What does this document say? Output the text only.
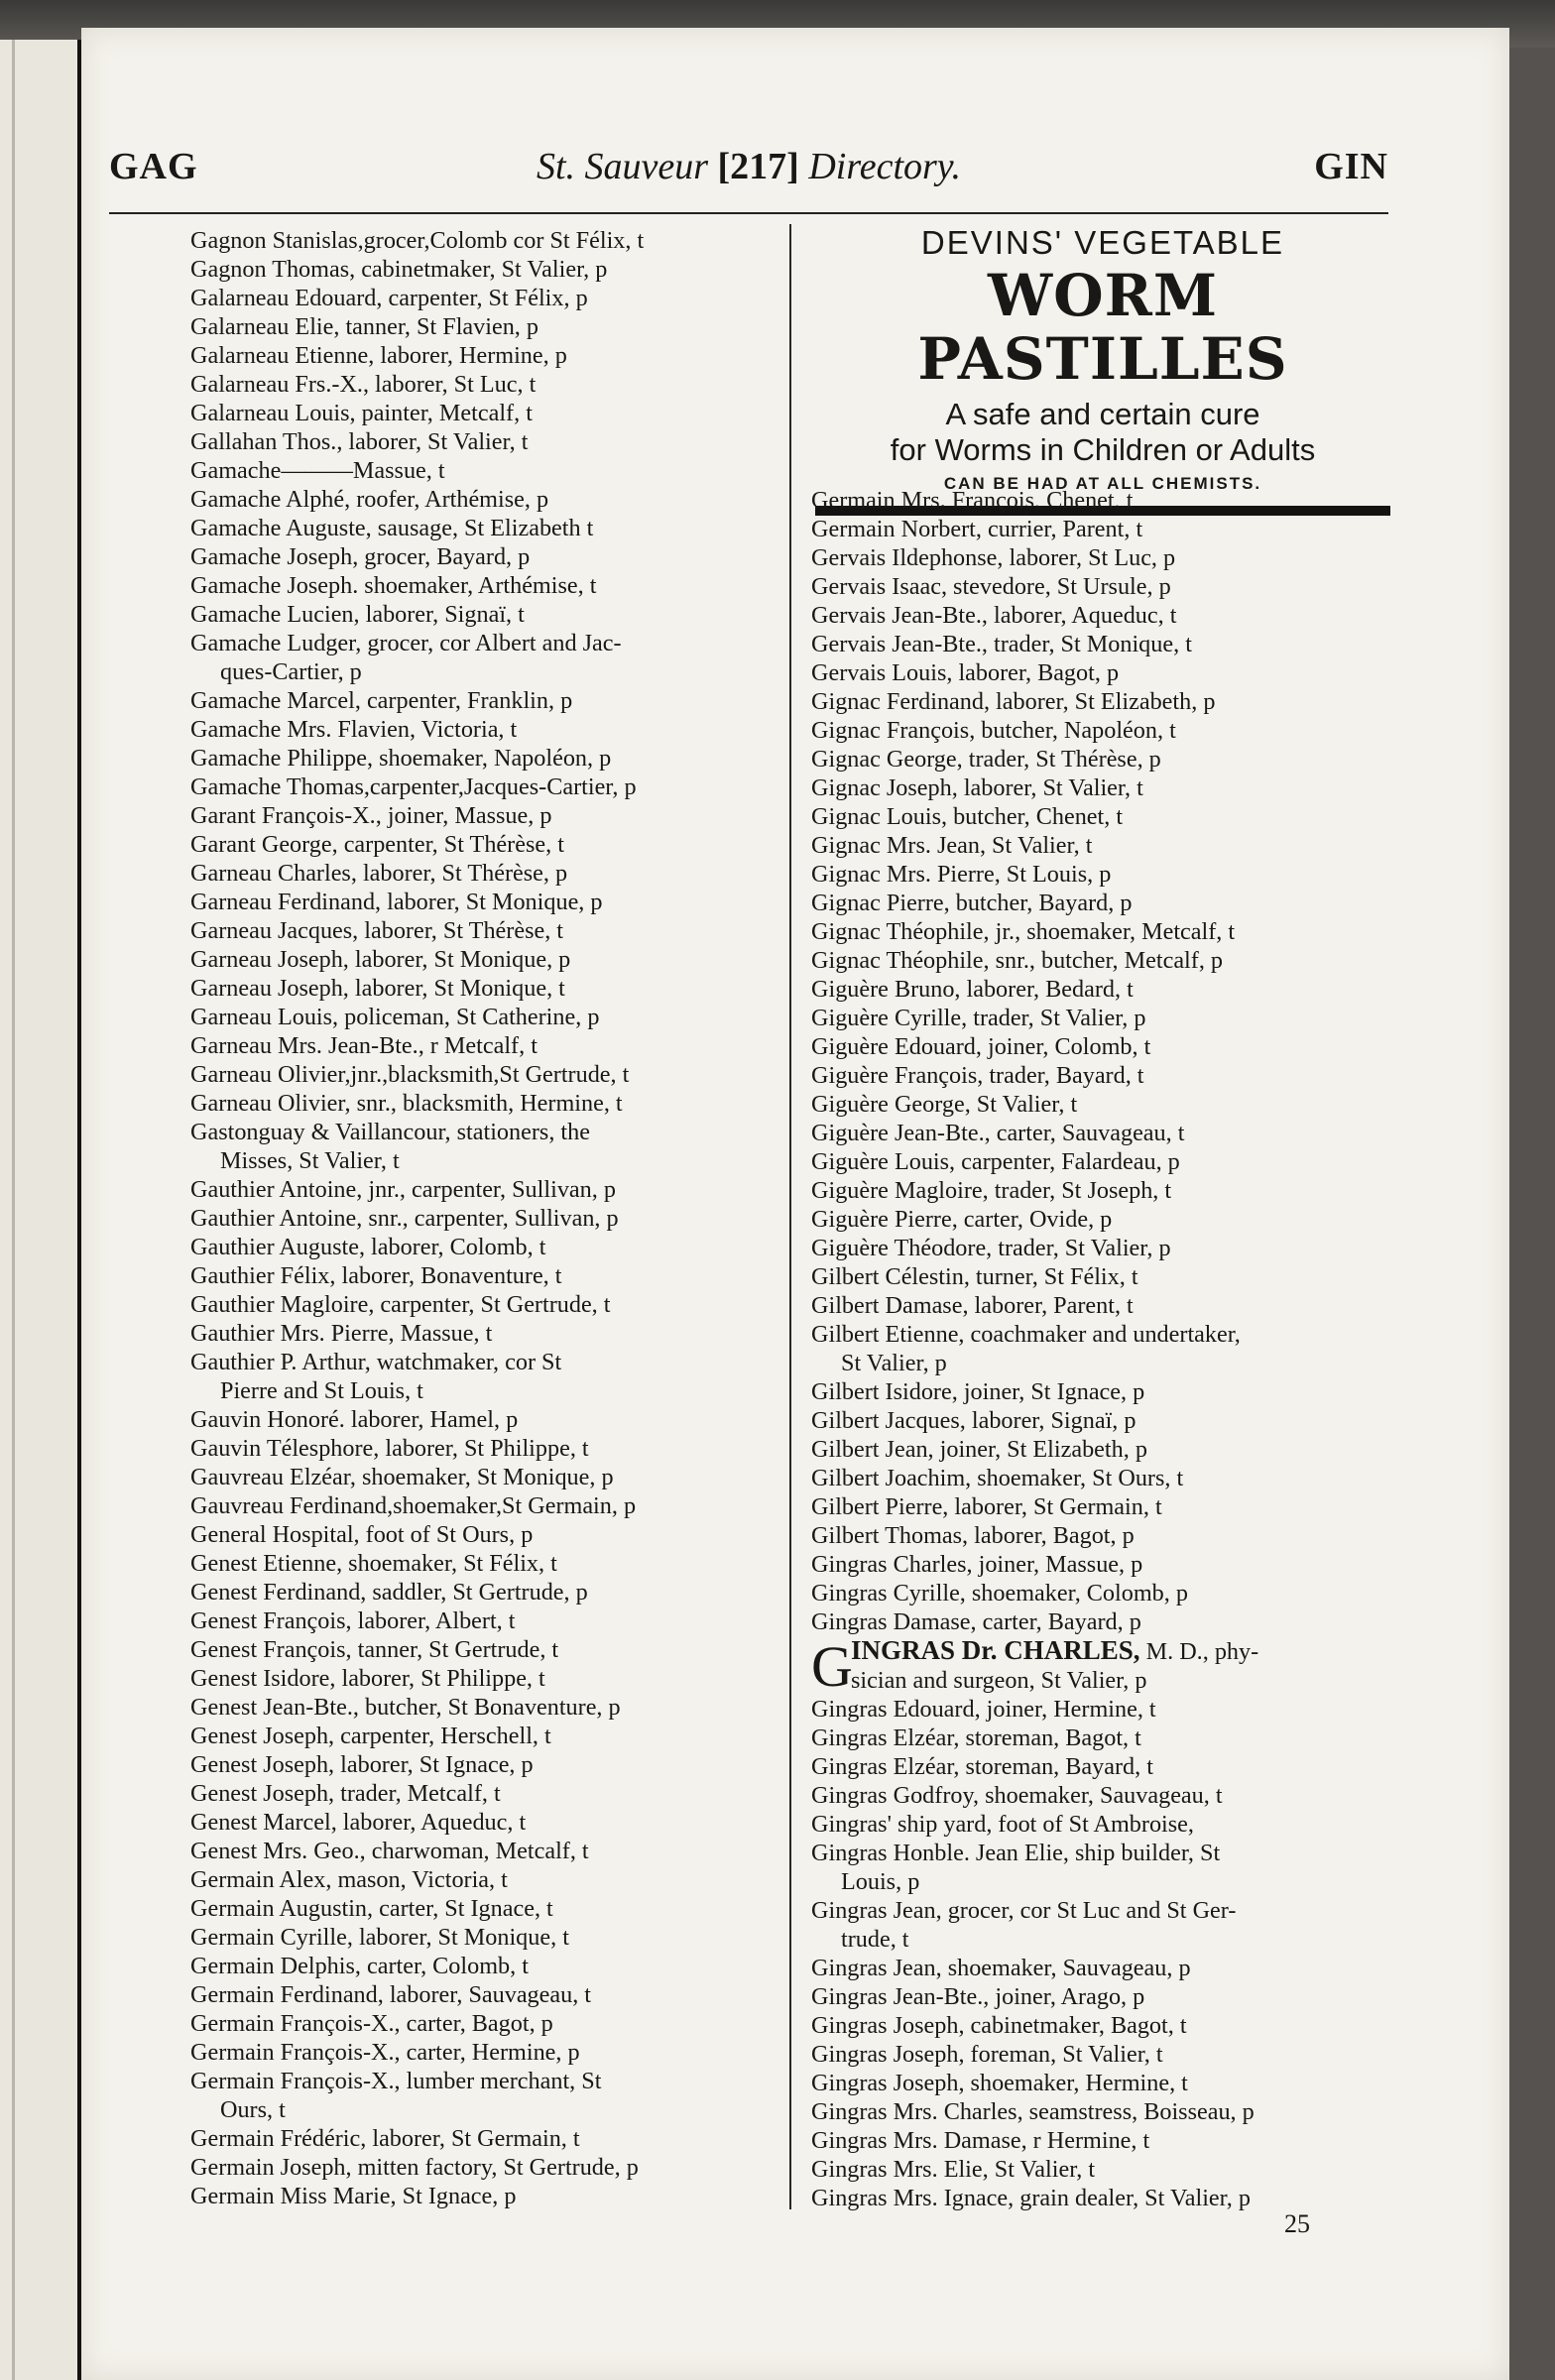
GAG	St. Sauveur [217] Directory.	GIN
Gagnon Stanislas,grocer,Colomb cor St Félix, t
Gagnon Thomas, cabinetmaker, St Valier, p
Galarneau Edouard, carpenter, St Félix, p
Galarneau Elie, tanner, St Flavien, p
Galarneau Etienne, laborer, Hermine, p
Galarneau Frs.-X., laborer, St Luc, t
Galarneau Louis, painter, Metcalf, t
Gallahan Thos., laborer, St Valier, t
Gamache———Massue, t
Gamache Alphé, roofer, Arthémise, p
Gamache Auguste, sausage, St Elizabeth t
Gamache Joseph, grocer, Bayard, p
Gamache Joseph. shoemaker, Arthémise, t
Gamache Lucien, laborer, Signaï, t
Gamache Ludger, grocer, cor Albert and Jac-
ques-Cartier, p
Gamache Marcel, carpenter, Franklin, p
Gamache Mrs. Flavien, Victoria, t
Gamache Philippe, shoemaker, Napoléon, p
Gamache Thomas,carpenter,Jacques-Cartier, p
Garant François-X., joiner, Massue, p
Garant George, carpenter, St Thérèse, t
Garneau Charles, laborer, St Thérèse, p
Garneau Ferdinand, laborer, St Monique, p
Garneau Jacques, laborer, St Thérèse, t
Garneau Joseph, laborer, St Monique, p
Garneau Joseph, laborer, St Monique, t
Garneau Louis, policeman, St Catherine, p
Garneau Mrs. Jean-Bte., r Metcalf, t
Garneau Olivier,jnr.,blacksmith,St Gertrude, t
Garneau Olivier, snr., blacksmith, Hermine, t
Gastonguay & Vaillancour, stationers, the
Misses, St Valier, t
Gauthier Antoine, jnr., carpenter, Sullivan, p
Gauthier Antoine, snr., carpenter, Sullivan, p
Gauthier Auguste, laborer, Colomb, t
Gauthier Félix, laborer, Bonaventure, t
Gauthier Magloire, carpenter, St Gertrude, t
Gauthier Mrs. Pierre, Massue, t
Gauthier P. Arthur, watchmaker, cor St
Pierre and St Louis, t
Gauvin Honoré. laborer, Hamel, p
Gauvin Télesphore, laborer, St Philippe, t
Gauvreau Elzéar, shoemaker, St Monique, p
Gauvreau Ferdinand,shoemaker,St Germain, p
General Hospital, foot of St Ours, p
Genest Etienne, shoemaker, St Félix, t
Genest Ferdinand, saddler, St Gertrude, p
Genest François, laborer, Albert, t
Genest François, tanner, St Gertrude, t
Genest Isidore, laborer, St Philippe, t
Genest Jean-Bte., butcher, St Bonaventure, p
Genest Joseph, carpenter, Herschell, t
Genest Joseph, laborer, St Ignace, p
Genest Joseph, trader, Metcalf, t
Genest Marcel, laborer, Aqueduc, t
Genest Mrs. Geo., charwoman, Metcalf, t
Germain Alex, mason, Victoria, t
Germain Augustin, carter, St Ignace, t
Germain Cyrille, laborer, St Monique, t
Germain Delphis, carter, Colomb, t
Germain Ferdinand, laborer, Sauvageau, t
Germain François-X., carter, Bagot, p
Germain François-X., carter, Hermine, p
Germain François-X., lumber merchant, St
Ours, t
Germain Frédéric, laborer, St Germain, t
Germain Joseph, mitten factory, St Gertrude, p
Germain Miss Marie, St Ignace, p
DEVINS' VEGETABLE
WORM PASTILLES
A safe and certain cure
for Worms in Children or Adults
CAN BE HAD AT ALL CHEMISTS.
Germain Mrs. François, Chenet, t
Germain Norbert, currier, Parent, t
Gervais Ildephonse, laborer, St Luc, p
Gervais Isaac, stevedore, St Ursule, p
Gervais Jean-Bte., laborer, Aqueduc, t
Gervais Jean-Bte., trader, St Monique, t
Gervais Louis, laborer, Bagot, p
Gignac Ferdinand, laborer, St Elizabeth, p
Gignac François, butcher, Napoléon, t
Gignac George, trader, St Thérèse, p
Gignac Joseph, laborer, St Valier, t
Gignac Louis, butcher, Chenet, t
Gignac Mrs. Jean, St Valier, t
Gignac Mrs. Pierre, St Louis, p
Gignac Pierre, butcher, Bayard, p
Gignac Théophile, jr., shoemaker, Metcalf, t
Gignac Théophile, snr., butcher, Metcalf, p
Giguère Bruno, laborer, Bedard, t
Giguère Cyrille, trader, St Valier, p
Giguère Edouard, joiner, Colomb, t
Giguère François, trader, Bayard, t
Giguère George, St Valier, t
Giguère Jean-Bte., carter, Sauvageau, t
Giguère Louis, carpenter, Falardeau, p
Giguère Magloire, trader, St Joseph, t
Giguère Pierre, carter, Ovide, p
Giguère Théodore, trader, St Valier, p
Gilbert Célestin, turner, St Félix, t
Gilbert Damase, laborer, Parent, t
Gilbert Etienne, coachmaker and undertaker,
St Valier, p
Gilbert Isidore, joiner, St Ignace, p
Gilbert Jacques, laborer, Signaï, p
Gilbert Jean, joiner, St Elizabeth, p
Gilbert Joachim, shoemaker, St Ours, t
Gilbert Pierre, laborer, St Germain, t
Gilbert Thomas, laborer, Bagot, p
Gingras Charles, joiner, Massue, p
Gingras Cyrille, shoemaker, Colomb, p
Gingras Damase, carter, Bayard, p
G
INGRAS Dr. CHARLES, M. D., phy-
sician and surgeon, St Valier, p
Gingras Edouard, joiner, Hermine, t
Gingras Elzéar, storeman, Bagot, t
Gingras Elzéar, storeman, Bayard, t
Gingras Godfroy, shoemaker, Sauvageau, t
Gingras' ship yard, foot of St Ambroise,
Gingras Honble. Jean Elie, ship builder, St
Louis, p
Gingras Jean, grocer, cor St Luc and St Ger-
trude, t
Gingras Jean, shoemaker, Sauvageau, p
Gingras Jean-Bte., joiner, Arago, p
Gingras Joseph, cabinetmaker, Bagot, t
Gingras Joseph, foreman, St Valier, t
Gingras Joseph, shoemaker, Hermine, t
Gingras Mrs. Charles, seamstress, Boisseau, p
Gingras Mrs. Damase, r Hermine, t
Gingras Mrs. Elie, St Valier, t
Gingras Mrs. Ignace, grain dealer, St Valier, p
25
